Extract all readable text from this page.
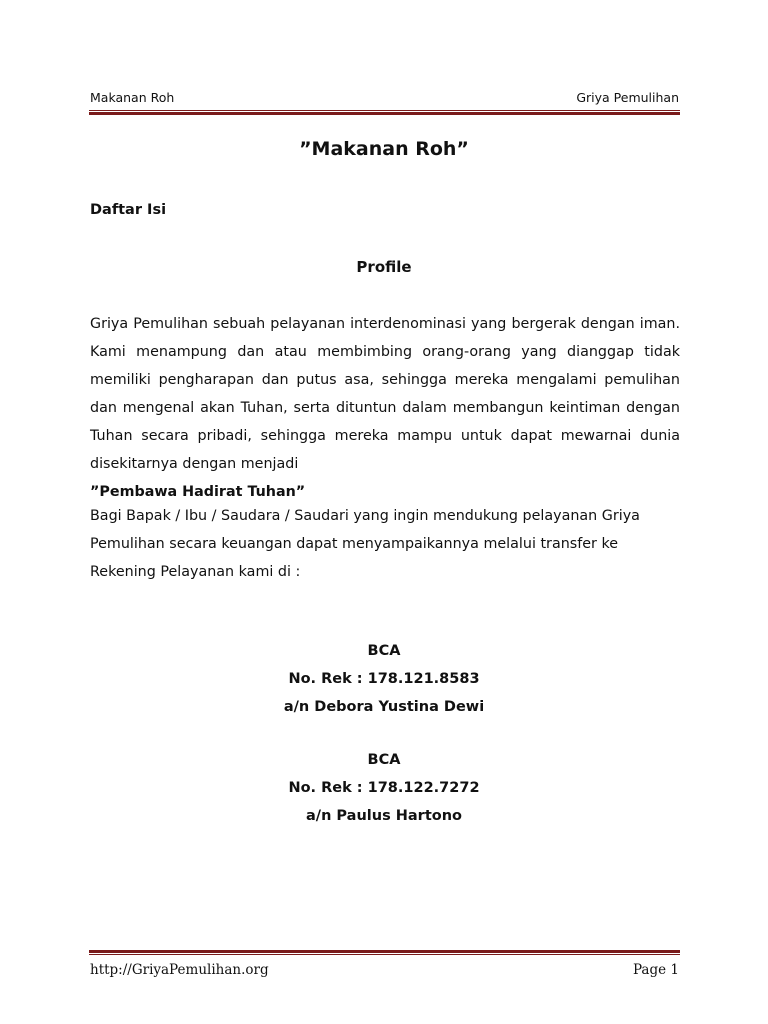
Makanan Roh	Griya Pemulihan
”Makanan Roh”
Daftar Isi
Profile
Griya Pemulihan sebuah pelayanan interdenominasi yang bergerak dengan iman. Kami menampung dan atau membimbing orang-orang yang dianggap tidak memiliki pengharapan dan putus asa, sehingga mereka mengalami pemulihan dan mengenal akan Tuhan, serta dituntun dalam membangun keintiman dengan Tuhan secara pribadi, sehingga mereka mampu untuk dapat mewarnai dunia disekitarnya dengan menjadi
”Pembawa Hadirat Tuhan”
Bagi Bapak / Ibu / Saudara / Saudari yang ingin mendukung pelayanan Griya Pemulihan secara keuangan dapat menyampaikannya melalui transfer ke Rekening Pelayanan kami di :
BCA
No. Rek : 178.121.8583
a/n Debora Yustina Dewi
BCA
No. Rek : 178.122.7272
a/n Paulus Hartono
http://GriyaPemulihan.org	Page 1
